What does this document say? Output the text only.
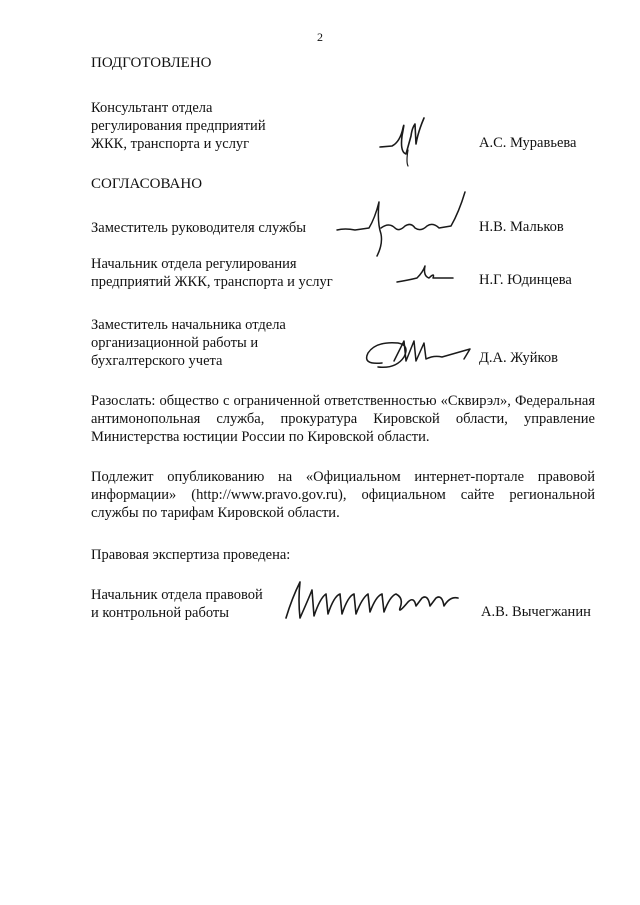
2
ПОДГОТОВЛЕНО
Консультант отдела
регулирования предприятий
ЖКК, транспорта и услуг	А.С. Муравьева
СОГЛАСОВАНО
Заместитель руководителя службы	Н.В. Мальков
Начальник отдела регулирования
предприятий ЖКК, транспорта и услуг	Н.Г. Юдинцева
Заместитель начальника отдела
организационной работы и
бухгалтерского учета	Д.А. Жуйков
Разослать: общество с ограниченной ответственностью «Сквирэл», Федеральная антимонопольная служба, прокуратура Кировской области, управление Министерства юстиции России по Кировской области.
Подлежит опубликованию на «Официальном интернет-портале правовой информации» (http://www.pravo.gov.ru), официальном сайте региональной службы по тарифам Кировской области.
Правовая экспертиза проведена:
Начальник отдела правовой
и контрольной работы	А.В. Вычегжанин
